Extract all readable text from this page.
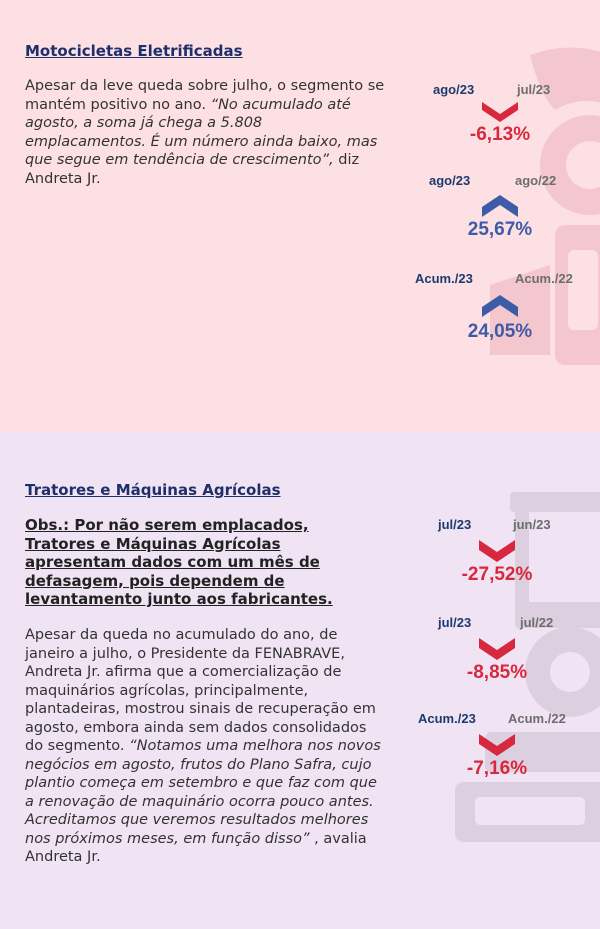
Motocicletas Eletrificadas

Apesar da leve queda sobre julho, o segmento se mantém positivo no ano. “No acumulado até agosto, a soma já chega a 5.808 emplacamentos. É um número ainda baixo, mas que segue em tendência de crescimento”, diz Andreta Jr.

ago/23	jul/23
-6,13%
ago/23	ago/22
25,67%
Acum./23	Acum./22
24,05%
Tratores e Máquinas Agrícolas

Obs.: Por não serem emplacados, Tratores e Máquinas Agrícolas apresentam dados com um mês de defasagem, pois dependem de levantamento junto aos fabricantes.

Apesar da queda no acumulado do ano, de janeiro a julho, o Presidente da FENABRAVE, Andreta Jr. afirma que a comercialização de maquinários agrícolas, principalmente, plantadeiras, mostrou sinais de recuperação em agosto, embora ainda sem dados consolidados do segmento. “Notamos uma melhora nos novos negócios em agosto, frutos do Plano Safra, cujo plantio começa em setembro e que faz com que a renovação de maquinário ocorra pouco antes. Acreditamos que veremos resultados melhores nos próximos meses, em função disso” , avalia Andreta Jr.

jul/23	jun/23
-27,52%
jul/23	jul/22
-8,85%
Acum./23 Acum./22
-7,16%
